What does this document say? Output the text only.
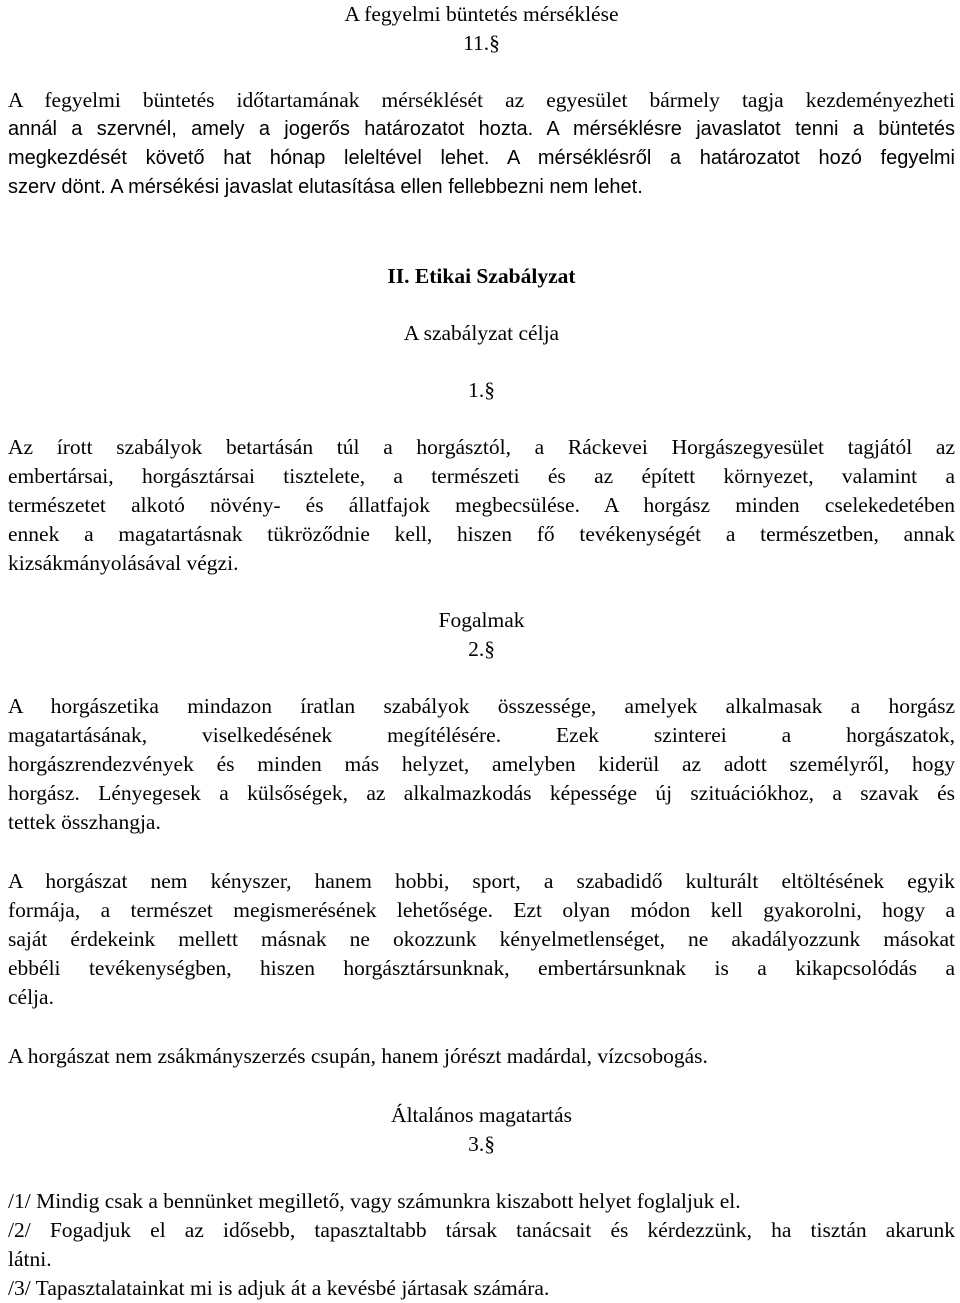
A fegyelmi büntetés mérséklése

11.§

A fegyelmi büntetés időtartamának mérséklését az egyesület bármely tagja kezdeményezheti

annál a szervnél, amely a jogerős határozatot hozta. A mérséklésre javaslatot tenni a büntetés

megkezdését követő hat hónap leleltével lehet. A mérséklésről a határozatot hozó fegyelmi

szerv dönt. A mérsékési javaslat elutasítása ellen fellebbezni nem lehet.

II. Etikai Szabályzat

A szabályzat célja

1.§

Az írott szabályok betartásán túl a horgásztól, a Ráckevei Horgászegyesület tagjától az

embertársai, horgásztársai tisztelete, a természeti és az épített környezet, valamint a

természetet alkotó növény- és állatfajok megbecsülése. A horgász minden cselekedetében

ennek a magatartásnak tükröződnie kell, hiszen fő tevékenységét a természetben, annak

kizsákmányolásával végzi.

Fogalmak

2.§

A horgászetika mindazon íratlan szabályok összessége, amelyek alkalmasak a horgász

magatartásának, viselkedésének megítélésére. Ezek szinterei a horgászatok,

horgászrendezvények és minden más helyzet, amelyben kiderül az adott személyről, hogy

horgász. Lényegesek a külsőségek, az alkalmazkodás képessége új szituációkhoz, a szavak és

tettek összhangja.

A horgászat nem kényszer, hanem hobbi, sport, a szabadidő kulturált eltöltésének egyik

formája, a természet megismerésének lehetősége. Ezt olyan módon kell gyakorolni, hogy a

saját érdekeink mellett másnak ne okozzunk kényelmetlenséget, ne akadályozzunk másokat

ebbéli tevékenységben, hiszen horgásztársunknak, embertársunknak is a kikapcsolódás a

célja.

A horgászat nem zsákmányszerzés csupán, hanem jórészt madárdal, vízcsobogás.

Általános magatartás

3.§

/1/ Mindig csak a bennünket megillető, vagy számunkra kiszabott helyet foglaljuk el.

/2/ Fogadjuk el az idősebb, tapasztaltabb társak tanácsait és kérdezzünk, ha tisztán akarunk

látni.

/3/ Tapasztalatainkat mi is adjuk át a kevésbé jártasak számára.
